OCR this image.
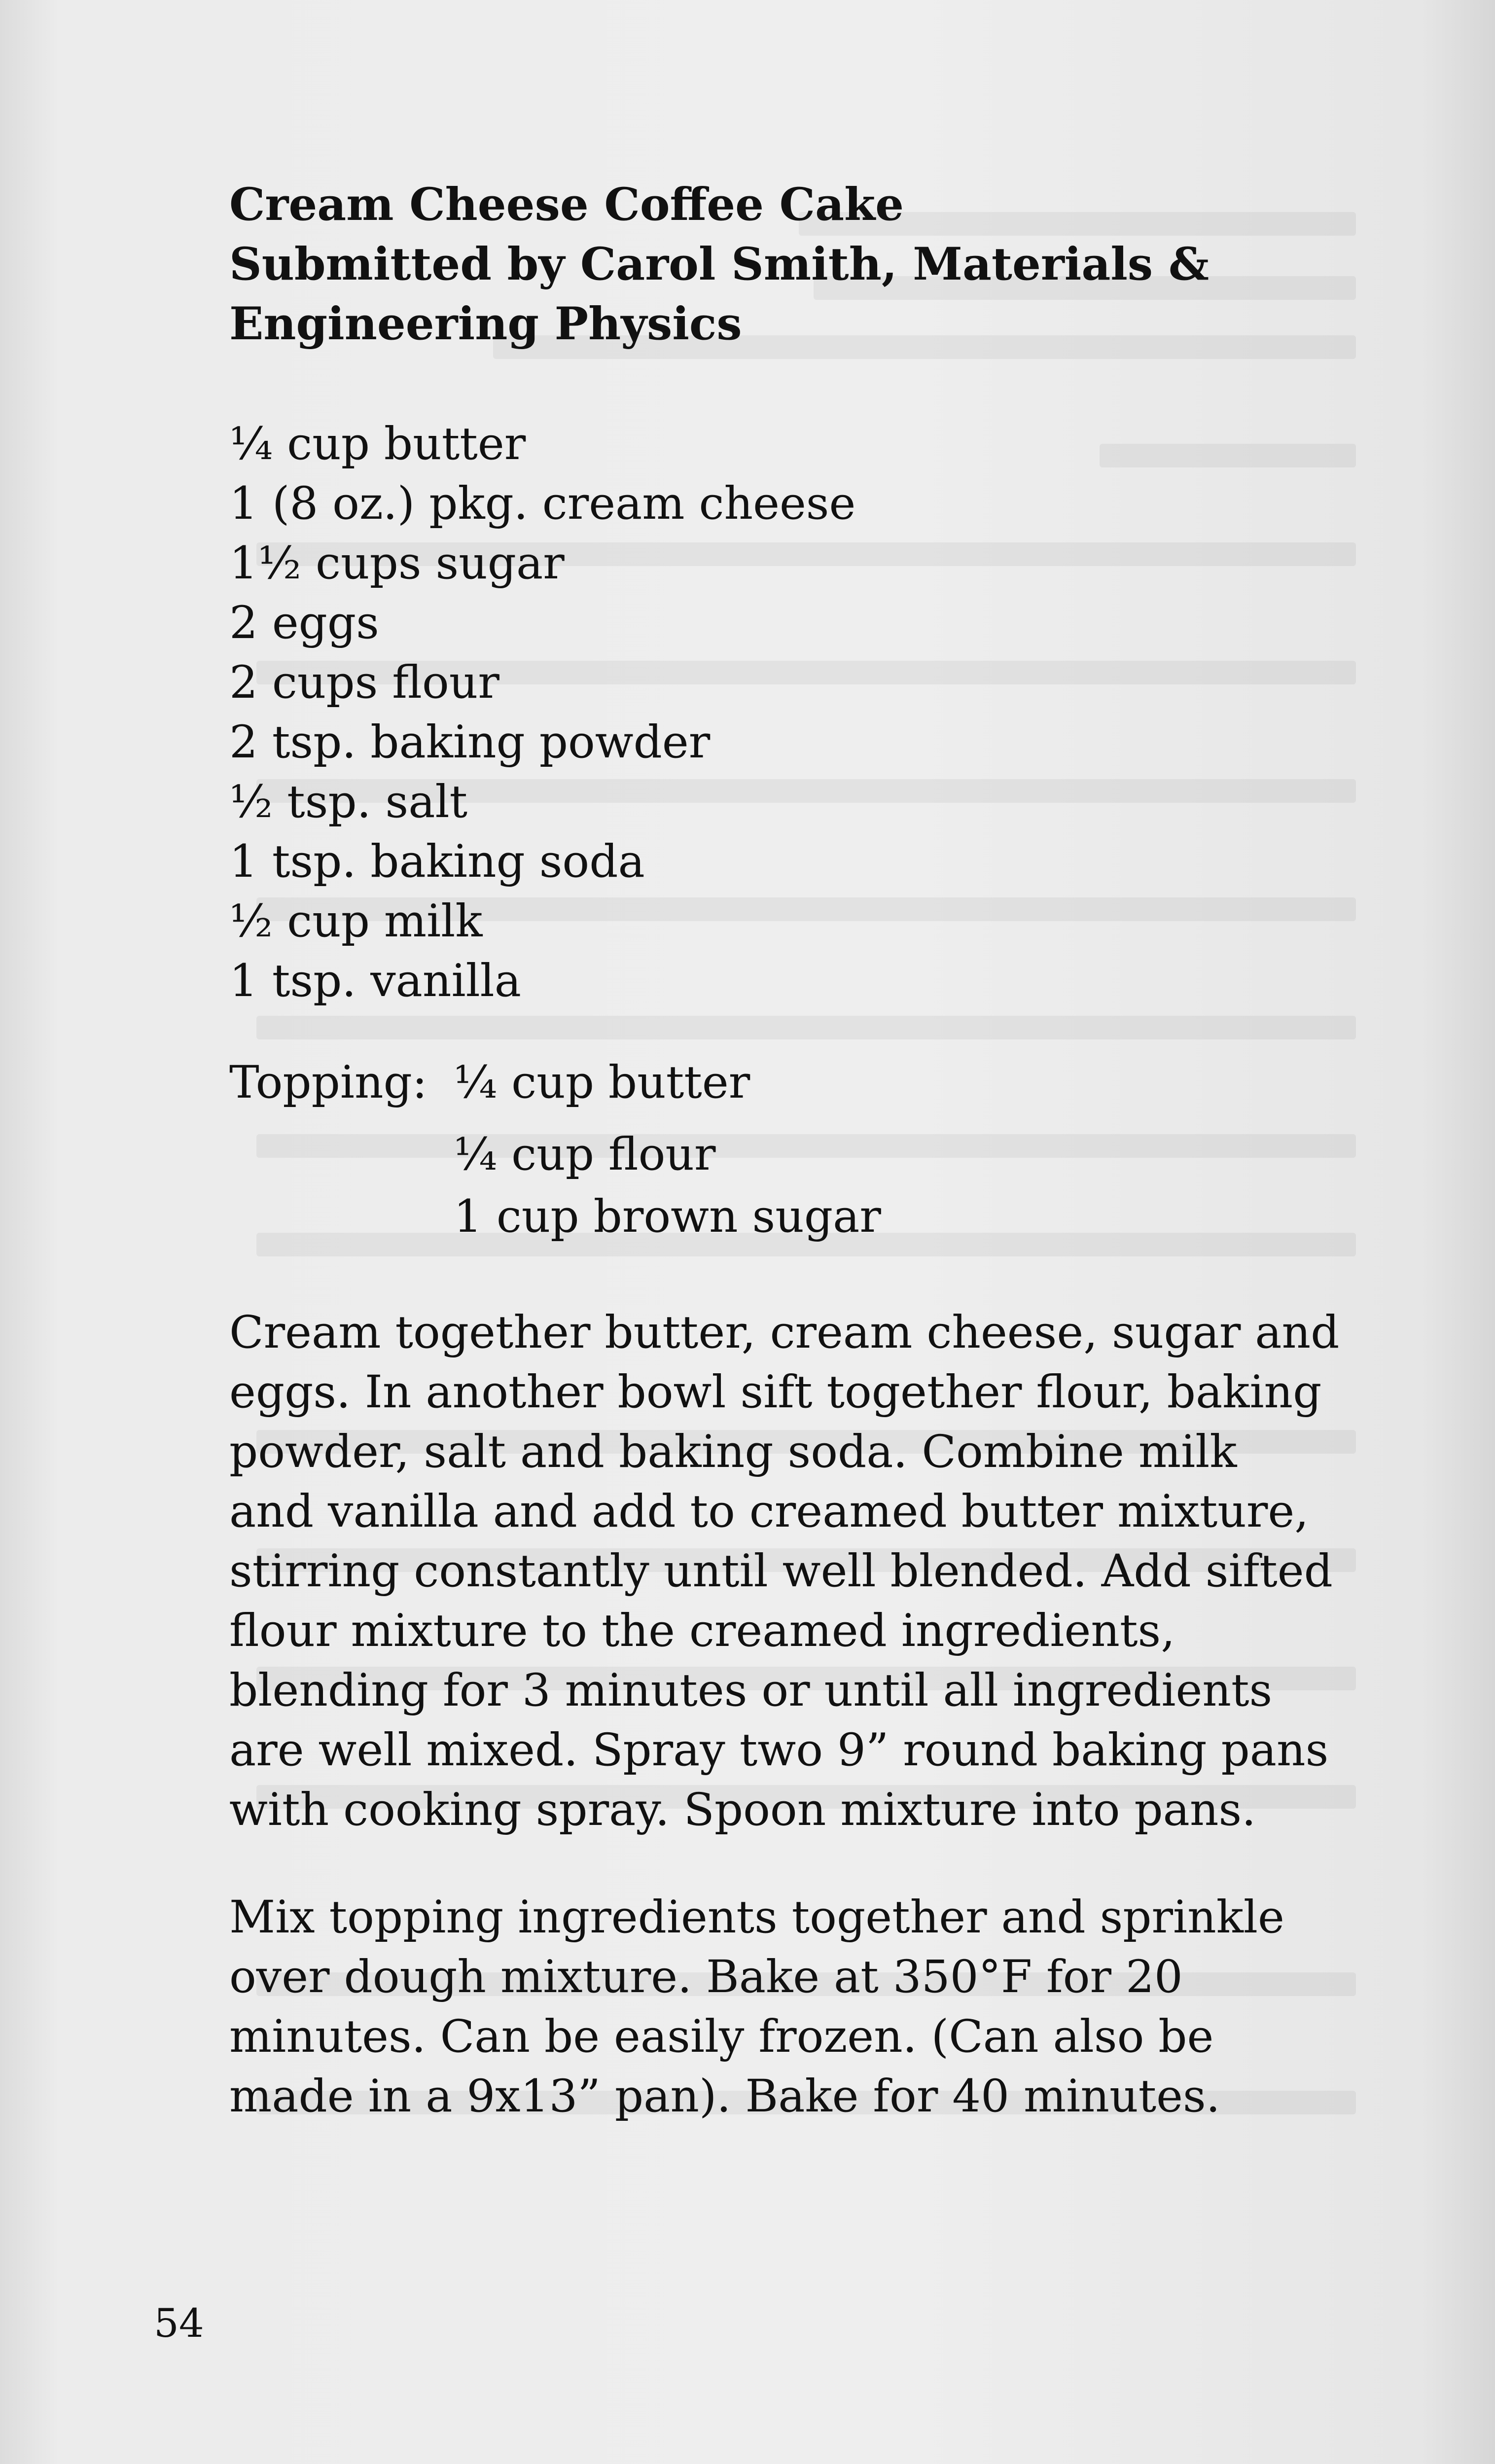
Cream Cheese Coffee Cake
Submitted by Carol Smith, Materials &
Engineering Physics
¼ cup butter
1 (8 oz.) pkg. cream cheese
1½ cups sugar
2 eggs
2 cups flour
2 tsp. baking powder
½ tsp. salt
1 tsp. baking soda
½ cup milk
1 tsp. vanilla
Topping: ¼ cup butter
¼ cup flour
1 cup brown sugar
Cream together butter, cream cheese, sugar and
eggs. In another bowl sift together flour, baking
powder, salt and baking soda. Combine milk
and vanilla and add to creamed butter mixture,
stirring constantly until well blended. Add sifted
flour mixture to the creamed ingredients,
blending for 3 minutes or until all ingredients
are well mixed. Spray two 9” round baking pans
with cooking spray. Spoon mixture into pans.
Mix topping ingredients together and sprinkle
over dough mixture. Bake at 350°F for 20
minutes. Can be easily frozen. (Can also be
made in a 9x13” pan). Bake for 40 minutes.
54
